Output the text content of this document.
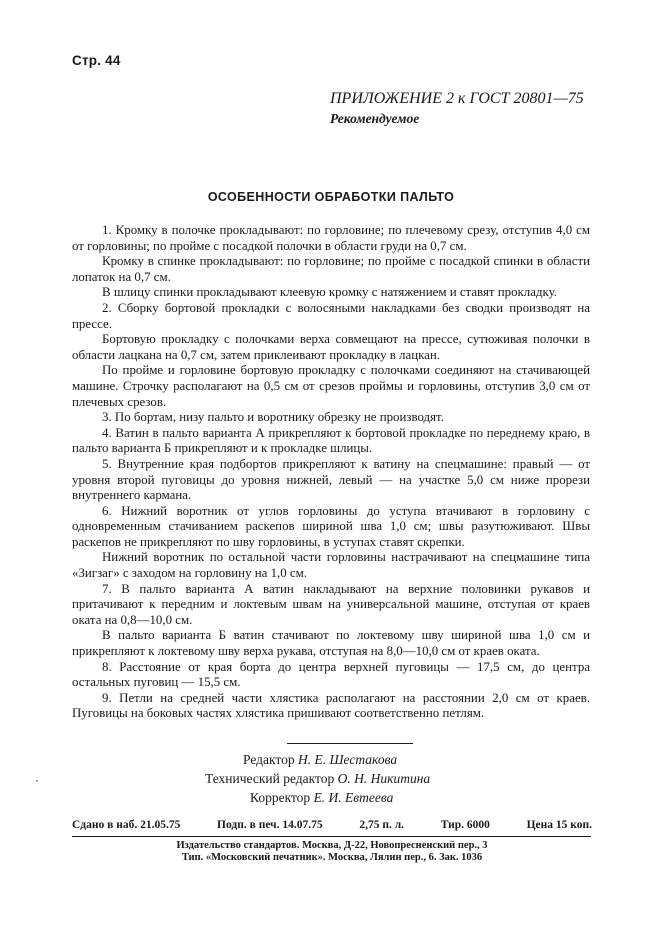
Стр. 44
ПРИЛОЖЕНИЕ 2 к ГОСТ 20801—75
Рекомендуемое
ОСОБЕННОСТИ ОБРАБОТКИ ПАЛЬТО

1. Кромку в полочке прокладывают: по горловине; по плечевому срезу, отступив 4,0 см от горловины; по пройме с посадкой полочки в области груди на 0,7 см.

Кромку в спинке прокладывают: по горловине; по пройме с посадкой спинки в области лопаток на 0,7 см.

В шлицу спинки прокладывают клеевую кромку с натяжением и ставят прокладку.

2. Сборку бортовой прокладки с волосяными накладками без сводки производят на прессе.

Бортовую прокладку с полочками верха совмещают на прессе, сутюживая полочки в области лацкана на 0,7 см, затем приклеивают прокладку в лацкан.

По пройме и горловине бортовую прокладку с полочками соединяют на стачивающей машине. Строчку располагают на 0,5 см от срезов проймы и горловины, отступив 3,0 см от плечевых срезов.

3. По бортам, низу пальто и воротнику обрезку не производят.

4. Ватин в пальто варианта А прикрепляют к бортовой прокладке по переднему краю, в пальто варианта Б прикрепляют и к прокладке шлицы.

5. Внутренние края подбортов прикрепляют к ватину на спецмашине: правый — от уровня второй пуговицы до уровня нижней, левый — на участке 5,0 см ниже прорези внутреннего кармана.

6. Нижний воротник от углов горловины до уступа втачивают в горловину с одновременным стачиванием раскепов шириной шва 1,0 см; швы разутюживают. Швы раскепов не прикрепляют по шву горловины, в уступах ставят скрепки.

Нижний воротник по остальной части горловины настрачивают на спецмашине типа «Зигзаг» с заходом на горловину на 1,0 см.

7. В пальто варианта А ватин накладывают на верхние половинки рукавов и притачивают к передним и локтевым швам на универсальной машине, отступая от краев оката на 0,8—10,0 см.

В пальто варианта Б ватин стачивают по локтевому шву шириной шва 1,0 см и прикрепляют к локтевому шву верха рукава, отступая на 8,0—10,0 см от краев оката.

8. Расстояние от края борта до центра верхней пуговицы — 17,5 см, до центра остальных пуговиц — 15,5 см.

9. Петли на средней части хлястика располагают на расстоянии 2,0 см от краев. Пуговицы на боковых частях хлястика пришивают соответственно петлям.

Редактор Н. Е. Шестакова

Технический редактор О. Н. Никитина

Корректор Е. И. Евтеева

Сдано в наб. 21.05.75	Подп. в печ. 14.07.75	2,75 п. л.	Тир. 6000	Цена 15 коп.

Издательство стандартов. Москва, Д-22, Новопресненский пер., 3

Тип. «Московский печатник». Москва, Лялин пер., 6. Зак. 1036
